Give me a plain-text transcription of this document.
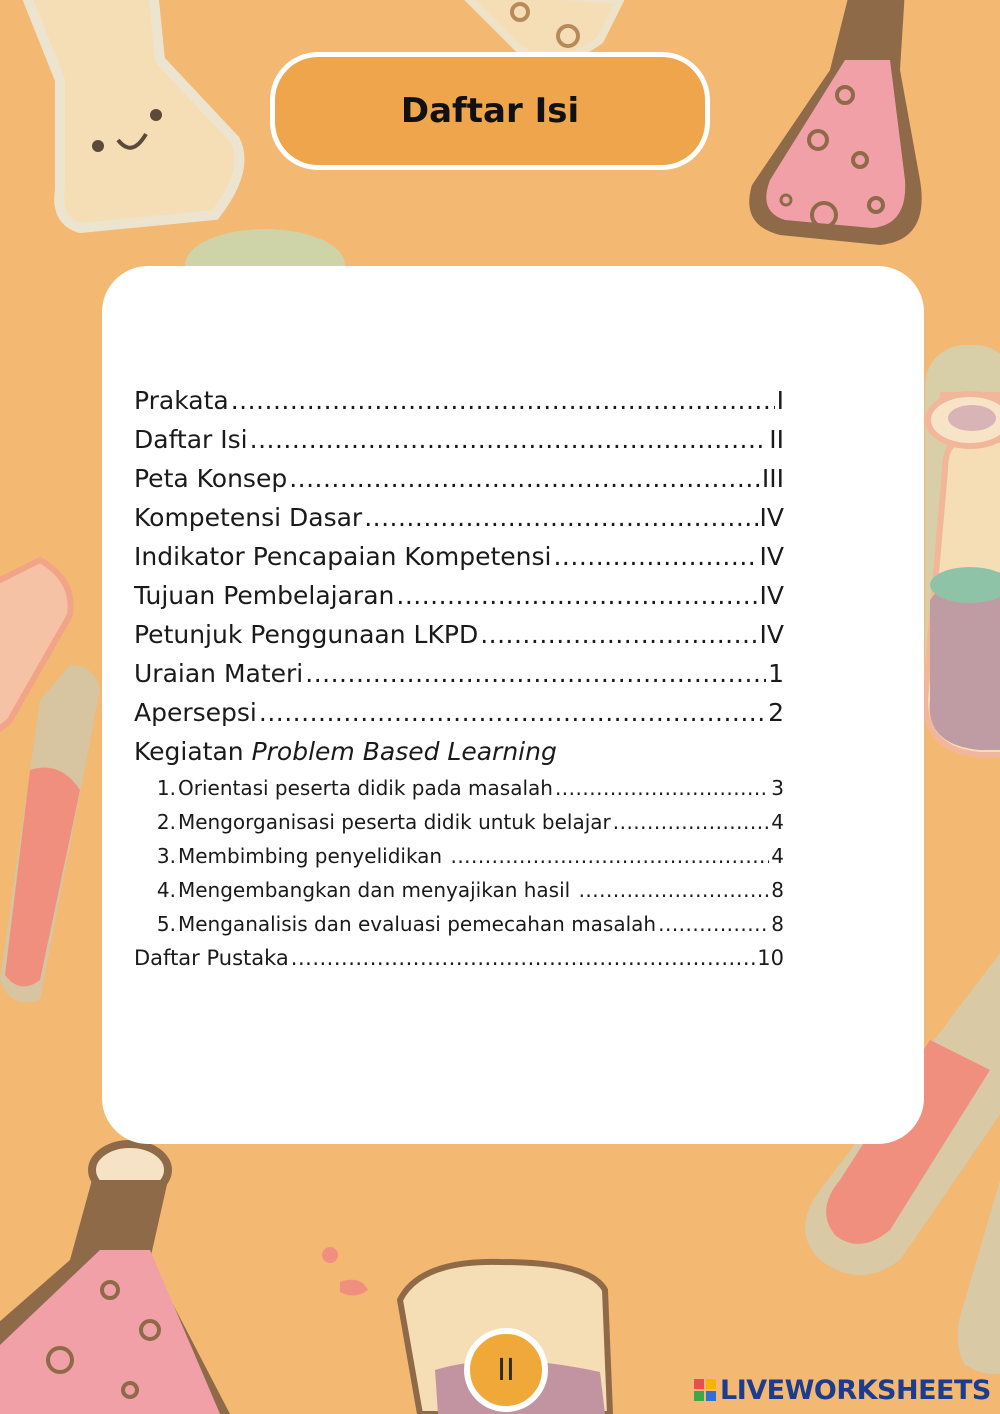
Daftar Isi
Prakata .....	I
Daftar Isi .....	II
Peta Konsep .....	III
Kompetensi Dasar .....	IV
Indikator Pencapaian Kompetensi .....	IV
Tujuan Pembelajaran .....	IV
Petunjuk Penggunaan LKPD .....	IV
Uraian Materi .....	1
Apersepsi .....	2
Kegiatan Problem Based Learning
1. Orientasi peserta didik pada masalah .....	3
2. Mengorganisasi peserta didik untuk belajar .....	4
3. Membimbing penyelidikan .....	4
4. Mengembangkan dan menyajikan hasil .....	8
5. Menganalisis dan evaluasi pemecahan masalah .....	8
Daftar Pustaka .....	10
II
LIVEWORKSHEETS
